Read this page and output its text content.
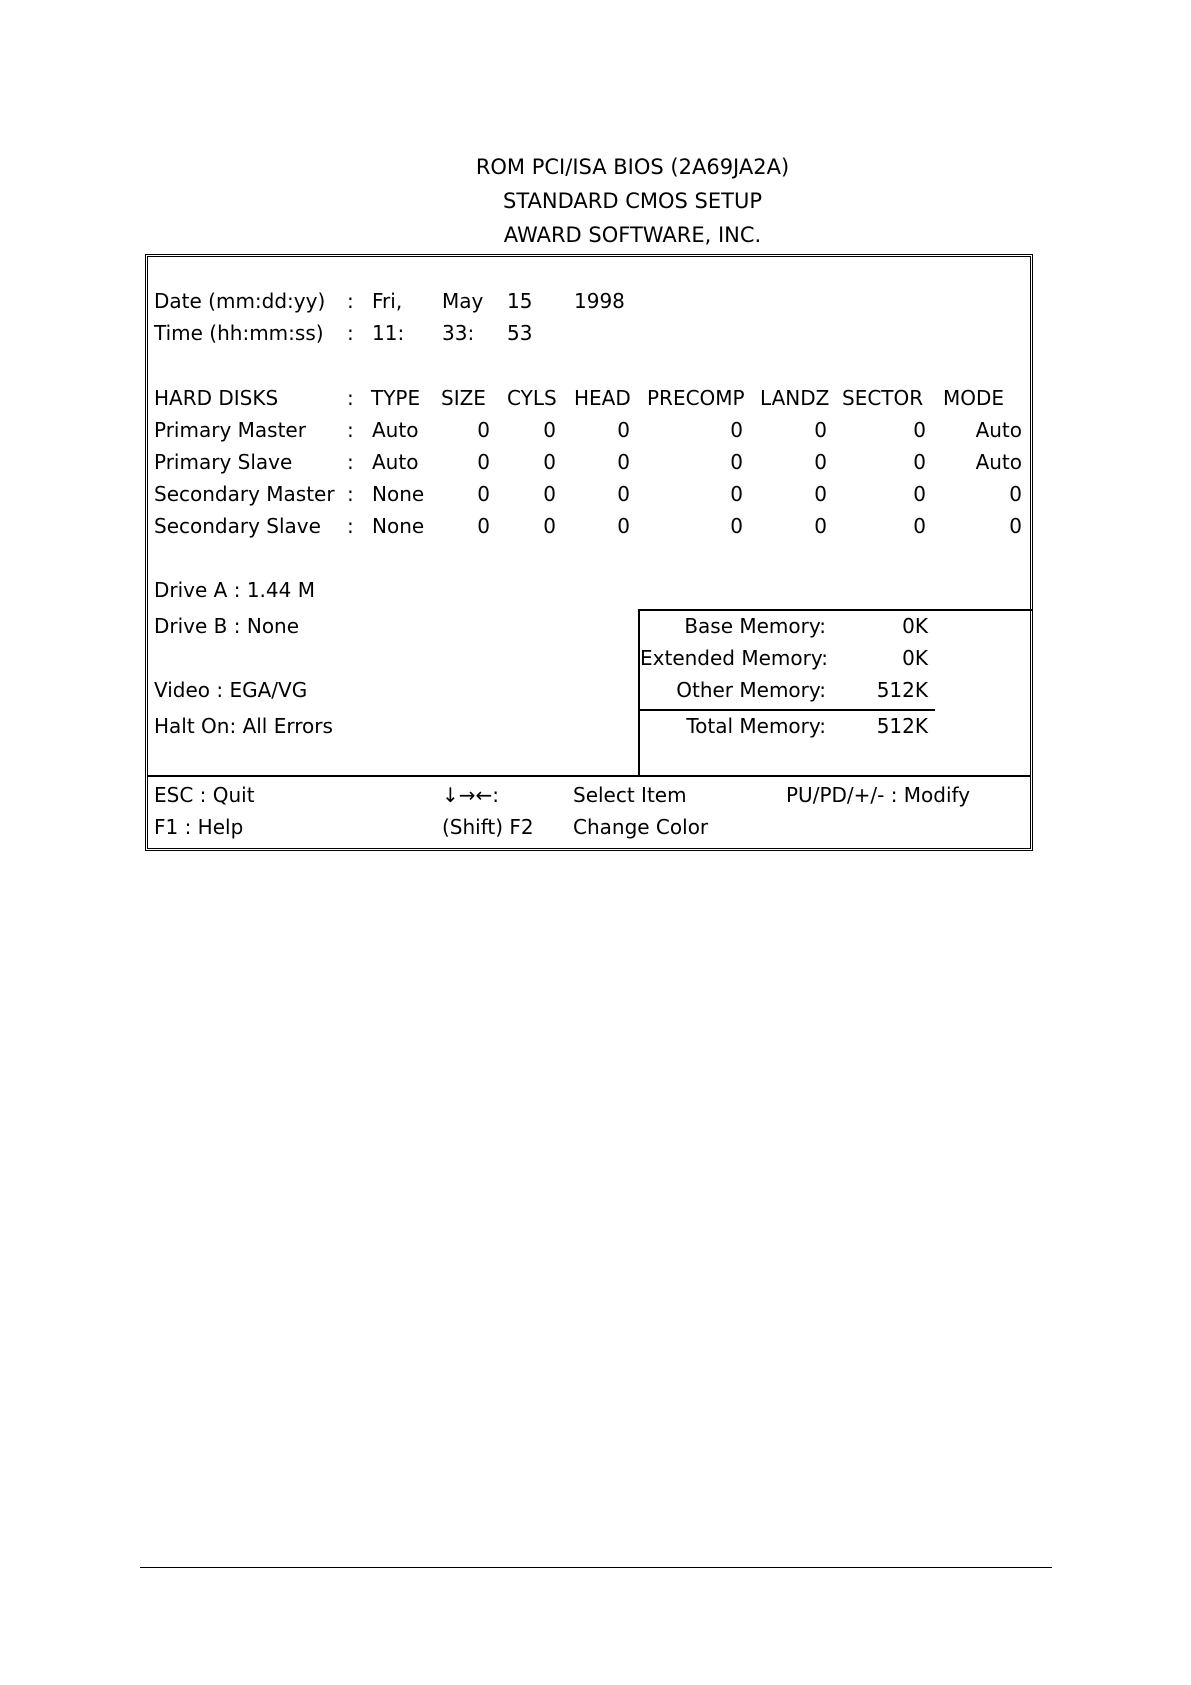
ROM PCI/ISA BIOS (2A69JA2A)
STANDARD CMOS SETUP
AWARD SOFTWARE, INC.
Date (mm:dd:yy) : Fri, May 15 1998
Time (hh:mm:ss) : 11: 33: 53
HARD DISKS	: TYPE SIZE CYLS HEAD PRECOMP LANDZ SECTOR MODE
Primary Master : Auto	0	0	0	0	0	0	Auto
Primary Slave	: Auto	0	0	0	0	0	0	Auto
Secondary Master : None	0	0	0	0	0	0	0
Secondary Slave : None	0	0	0	0	0	0	0
Drive A : 1.44 M
Drive B : None
Video : EGA/VG
Halt On: All Errors
Base Memory:	0K
Extended Memory:	0K
Other Memory:	512K
Total Memory:	512K
ESC : Quit	↓→←:	Select Item	PU/PD/+/- : Modify
F1 : Help	(Shift) F2 Change Color
